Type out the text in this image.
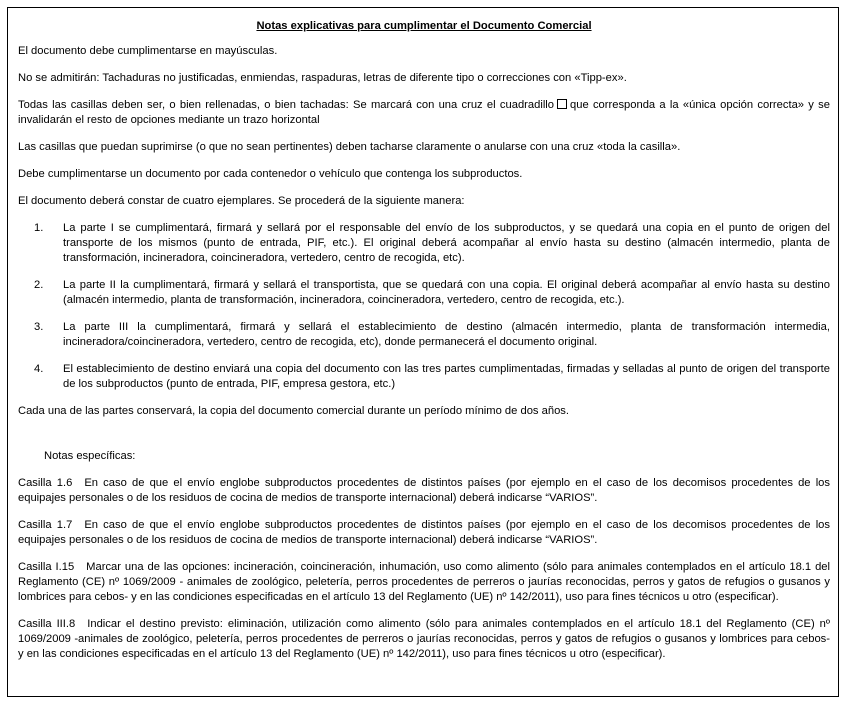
Notas explicativas para cumplimentar el Documento Comercial

El documento debe cumplimentarse en mayúsculas.

No se admitirán: Tachaduras no justificadas, enmiendas, raspaduras, letras de diferente tipo o correcciones con «Tipp-ex».

Todas las casillas deben ser, o bien rellenadas, o bien tachadas: Se marcará con una cruz el cuadradillo que corresponda a la «única opción correcta» y se invalidarán el resto de opciones mediante un trazo horizontal

Las casillas que puedan suprimirse (o que no sean pertinentes) deben tacharse claramente o anularse con una cruz «toda la casilla».

Debe cumplimentarse un documento por cada contenedor o vehículo que contenga los subproductos.

El documento deberá constar de cuatro ejemplares. Se procederá de la siguiente manera:

1. La parte I se cumplimentará, firmará y sellará por el responsable del envío de los subproductos, y se quedará una copia en el punto de origen del transporte de los mismos (punto de entrada, PIF, etc.). El original deberá acompañar al envío hasta su destino (almacén intermedio, planta de transformación, incineradora, coincineradora, vertedero, centro de recogida, etc).
2. La parte II la cumplimentará, firmará y sellará el transportista, que se quedará con una copia. El original deberá acompañar al envío hasta su destino (almacén intermedio, planta de transformación, incineradora, coincineradora, vertedero, centro de recogida, etc.).
3. La parte III la cumplimentará, firmará y sellará el establecimiento de destino (almacén intermedio, planta de transformación intermedia, incineradora/coincineradora, vertedero, centro de recogida, etc), donde permanecerá el documento original.
4. El establecimiento de destino enviará una copia del documento con las tres partes cumplimentadas, firmadas y selladas al punto de origen del transporte de los subproductos (punto de entrada, PIF, empresa gestora, etc.)

Cada una de las partes conservará, la copia del documento comercial durante un período mínimo de dos años.

Notas específicas:

Casilla 1.6 En caso de que el envío englobe subproductos procedentes de distintos países (por ejemplo en el caso de los decomisos procedentes de los equipajes personales o de los residuos de cocina de medios de transporte internacional) deberá indicarse “VARIOS”.

Casilla 1.7 En caso de que el envío englobe subproductos procedentes de distintos países (por ejemplo en el caso de los decomisos procedentes de los equipajes personales o de los residuos de cocina de medios de transporte internacional) deberá indicarse “VARIOS”.

Casilla I.15 Marcar una de las opciones: incineración, coincineración, inhumación, uso como alimento (sólo para animales contemplados en el artículo 18.1 del Reglamento (CE) nº 1069/2009 - animales de zoológico, peletería, perros procedentes de perreros o jaurías reconocidas, perros y gatos de refugios o gusanos y lombrices para cebos- y en las condiciones especificadas en el artículo 13 del Reglamento (UE) nº 142/2011), uso para fines técnicos u otro (especificar).

Casilla III.8 Indicar el destino previsto: eliminación, utilización como alimento (sólo para animales contemplados en el artículo 18.1 del Reglamento (CE) nº 1069/2009 -animales de zoológico, peletería, perros procedentes de perreros o jaurías reconocidas, perros y gatos de refugios o gusanos y lombrices para cebos- y en las condiciones especificadas en el artículo 13 del Reglamento (UE) nº 142/2011), uso para fines técnicos u otro (especificar).
